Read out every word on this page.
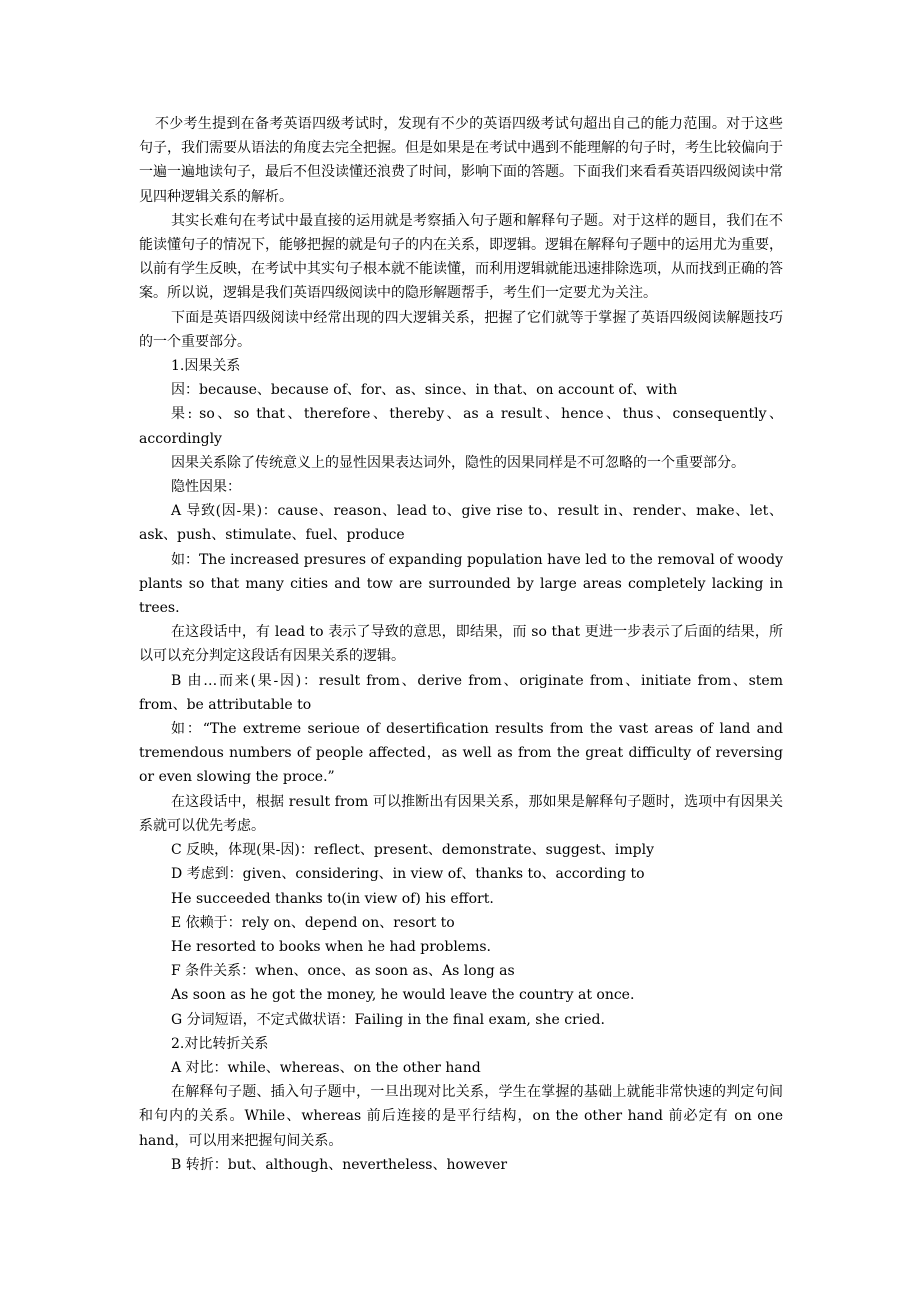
不少考生提到在备考英语四级考试时，发现有不少的英语四级考试句超出自己的能力范围。对于这些句子，我们需要从语法的角度去完全把握。但是如果是在考试中遇到不能理解的句子时，考生比较偏向于一遍一遍地读句子，最后不但没读懂还浪费了时间，影响下面的答题。下面我们来看看英语四级阅读中常见四种逻辑关系的解析。

其实长难句在考试中最直接的运用就是考察插入句子题和解释句子题。对于这样的题目，我们在不能读懂句子的情况下，能够把握的就是句子的内在关系，即逻辑。逻辑在解释句子题中的运用尤为重要，以前有学生反映，在考试中其实句子根本就不能读懂，而利用逻辑就能迅速排除选项，从而找到正确的答案。所以说，逻辑是我们英语四级阅读中的隐形解题帮手，考生们一定要尤为关注。

下面是英语四级阅读中经常出现的四大逻辑关系，把握了它们就等于掌握了英语四级阅读解题技巧的一个重要部分。

1.因果关系

因：because、because of、for、as、since、in that、on account of、with

果: so、so that、therefore、thereby、as a result、hence、thus、consequently、accordingly

因果关系除了传统意义上的显性因果表达词外，隐性的因果同样是不可忽略的一个重要部分。

隐性因果：

A 导致(因-果)：cause、reason、lead to、give rise to、result in、render、make、let、ask、push、stimulate、fuel、produce

如：The increased presures of expanding population have led to the removal of woody plants so that many cities and tow are surrounded by large areas completely lacking in trees.

在这段话中，有 lead to 表示了导致的意思，即结果，而 so that 更进一步表示了后面的结果，所以可以充分判定这段话有因果关系的逻辑。

B 由…而来(果-因)：result from、derive from、originate from、initiate from、stem from、be attributable to

如：“The extreme serioue of desertification results from the vast areas of land and tremendous numbers of people affected，as well as from the great difficulty of reversing or even slowing the proce.”

在这段话中，根据 result from 可以推断出有因果关系，那如果是解释句子题时，选项中有因果关系就可以优先考虑。

C 反映，体现(果-因)：reflect、present、demonstrate、suggest、imply

D 考虑到：given、considering、in view of、thanks to、according to

He succeeded thanks to(in view of) his effort.

E 依赖于：rely on、depend on、resort to

He resorted to books when he had problems.

F 条件关系：when、once、as soon as、As long as

As soon as he got the money, he would leave the country at once.

G 分词短语，不定式做状语：Failing in the final exam, she cried.

2.对比转折关系

A 对比：while、whereas、on the other hand

在解释句子题、插入句子题中，一旦出现对比关系，学生在掌握的基础上就能非常快速的判定句间和句内的关系。While、whereas 前后连接的是平行结构，on the other hand 前必定有 on one hand，可以用来把握句间关系。

B 转折：but、although、nevertheless、however
